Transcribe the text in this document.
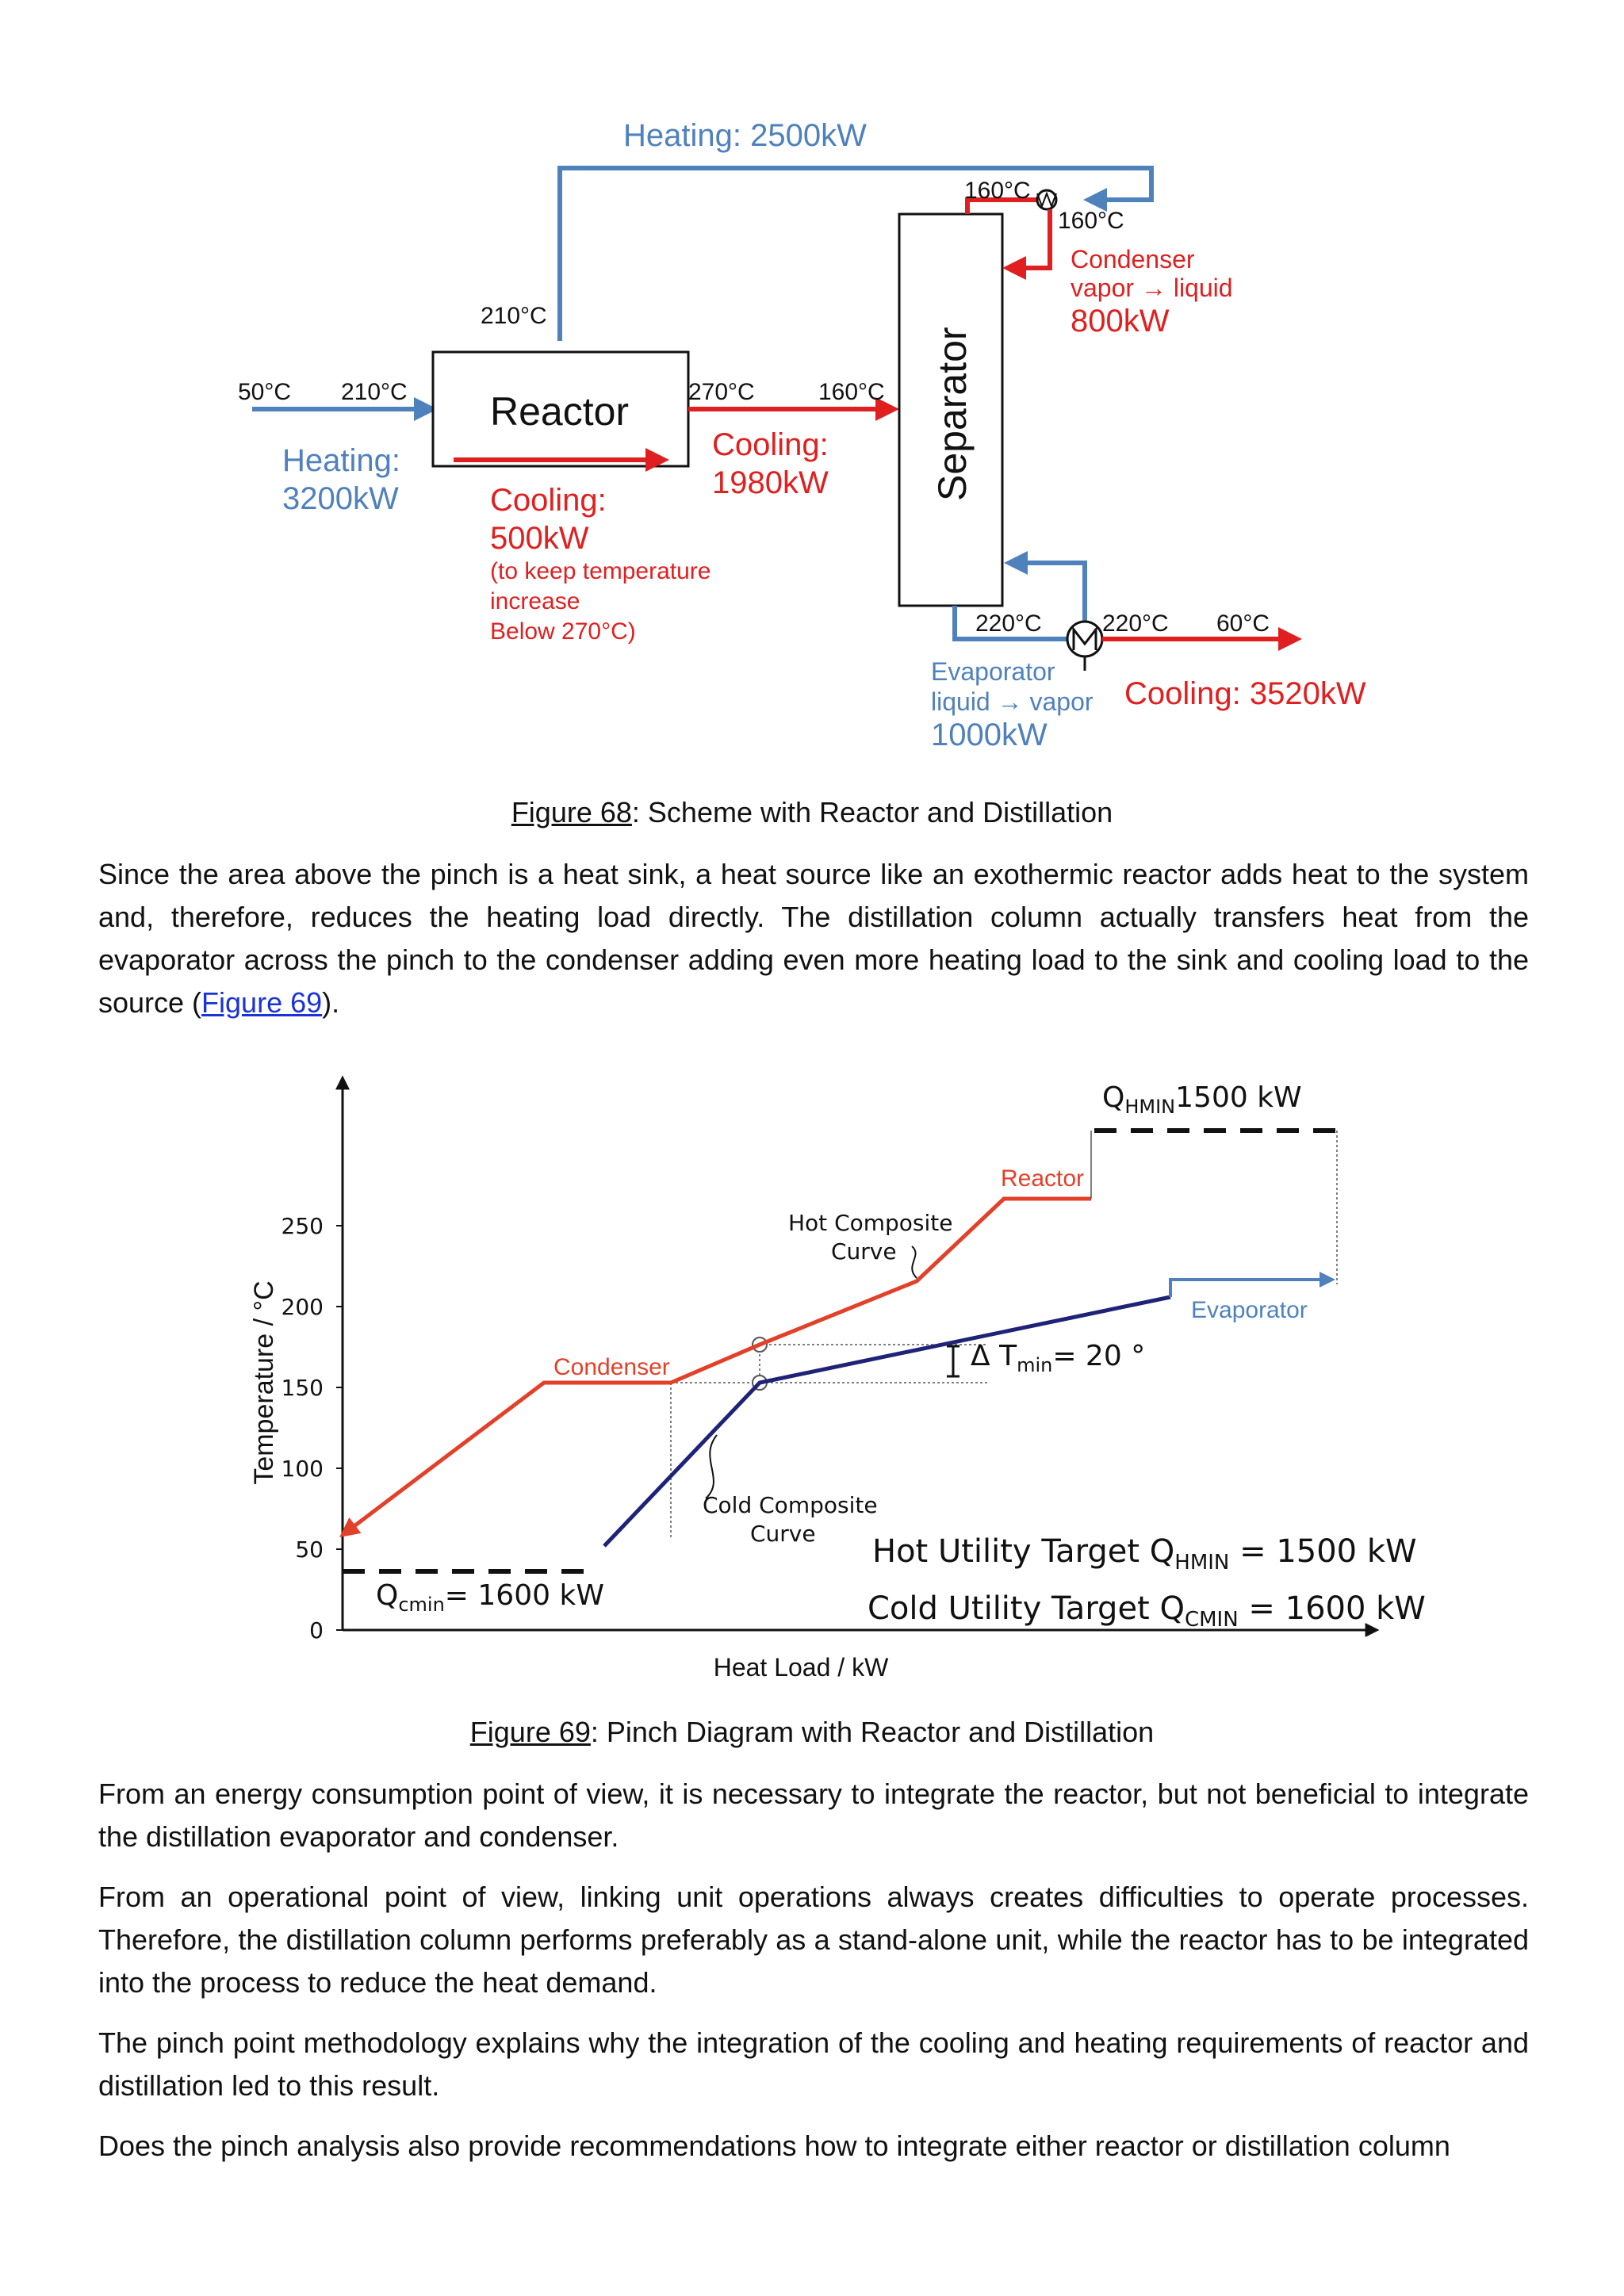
Heating: 2500kW
210°C
50°C 210°C
Heating:
3200kW
Reactor
Cooling:
500kW
(to keep temperature
increase
Below 270°C)
270°C	160°C
Cooling:
1980kW	Separator
160°C
160°C
Condenser
vapor → liquid
800kW
220°C	220°C 60°C
Evaporator
liquid → vapor
1000kW
Cooling: 3520kW
Figure 68: Scheme with Reactor and Distillation
Since the area above the pinch is a heat sink, a heat source like an exothermic reactor adds heat to the system and, therefore, reduces the heating load directly. The distillation column actually transfers heat from the evaporator across the pinch to the condenser adding even more heating load to the sink and cooling load to the source (Figure 69).
0
50
100
150
200
250
Temperature / °C
Heat Load / kW
$Q_{HMIN}1500$ kW
Reactor
Hot Composite
Curve
Evaporator
Condenser	Δ $T_{min}= 20$ °
Cold Composite
Curve
$Q_{cmin}= 1600$ kW
Hot Utility Target $Q_{HMIN} = 1500$ kW
Cold Utility Target $Q_{CMIN} = 1600$ kW
Figure 69: Pinch Diagram with Reactor and Distillation
From an energy consumption point of view, it is necessary to integrate the reactor, but not beneficial to integrate the distillation evaporator and condenser.
From an operational point of view, linking unit operations always creates difficulties to operate processes. Therefore, the distillation column performs preferably as a stand-alone unit, while the reactor has to be integrated into the process to reduce the heat demand.
The pinch point methodology explains why the integration of the cooling and heating requirements of reactor and distillation led to this result.
Does the pinch analysis also provide recommendations how to integrate either reactor or distillation column
